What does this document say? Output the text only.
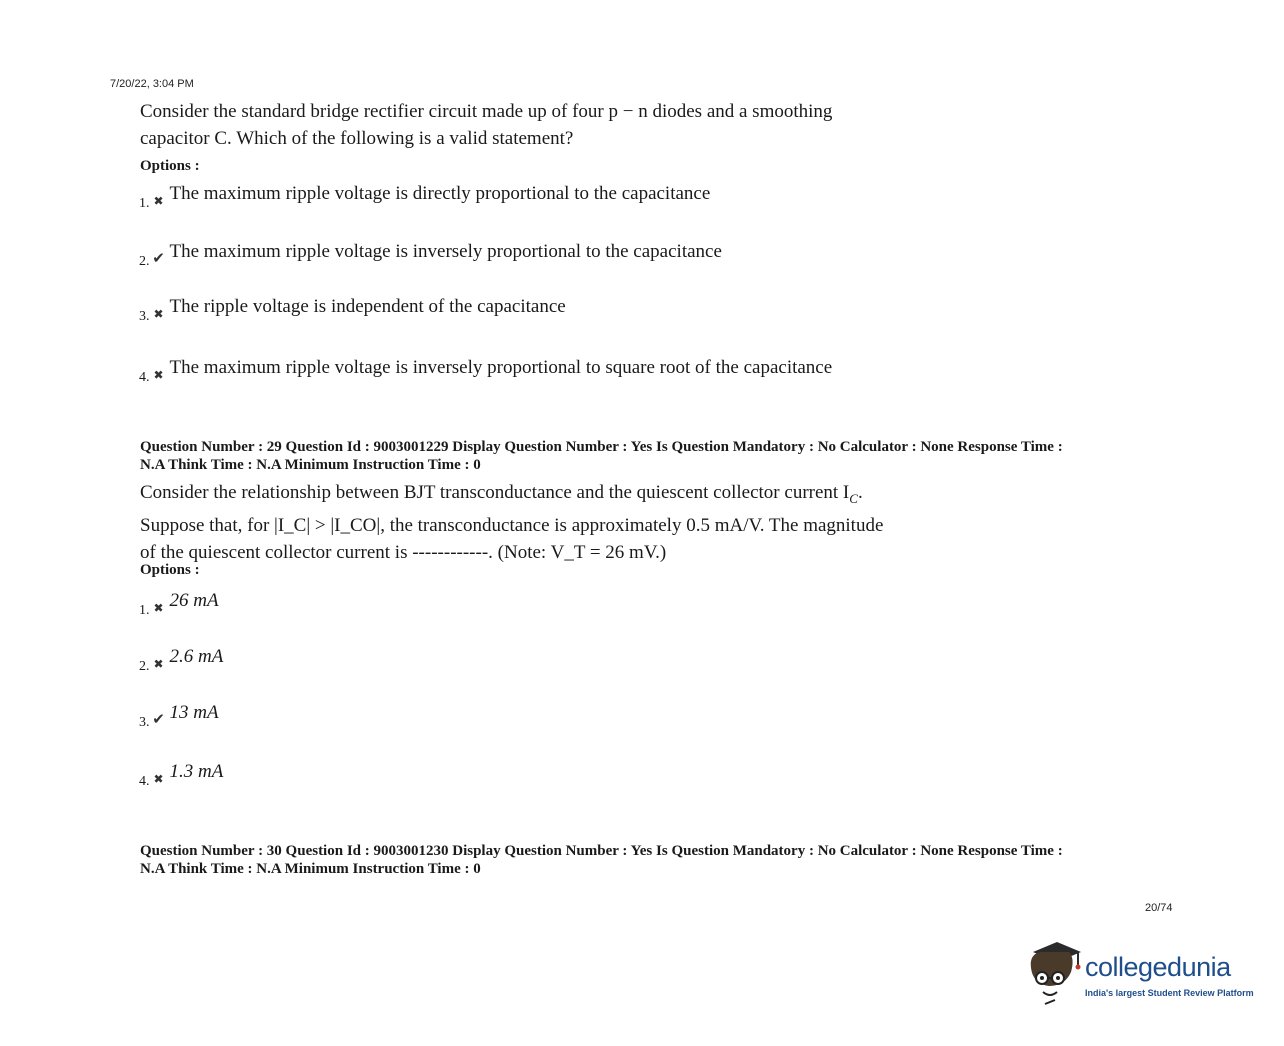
7/20/22, 3:04 PM
Consider the standard bridge rectifier circuit made up of four p − n diodes and a smoothing
capacitor C. Which of the following is a valid statement?
Options :
1. ✖ The maximum ripple voltage is directly proportional to the capacitance
2. ✔ The maximum ripple voltage is inversely proportional to the capacitance
3. ✖ The ripple voltage is independent of the capacitance
4. ✖ The maximum ripple voltage is inversely proportional to square root of the capacitance
Question Number : 29 Question Id : 9003001229 Display Question Number : Yes Is Question Mandatory : No Calculator : None Response Time :
N.A Think Time : N.A Minimum Instruction Time : 0
Consider the relationship between BJT transconductance and the quiescent collector current $I_C$.
Suppose that, for |I_C| > |I_CO|, the transconductance is approximately 0.5 mA/V. The magnitude
of the quiescent collector current is ------------. (Note: V_T = 26 mV.)
Options :
1. ✖ 26 mA
2. ✖ 2.6 mA
3. ✔ 13 mA
4. ✖ 1.3 mA
Question Number : 30 Question Id : 9003001230 Display Question Number : Yes Is Question Mandatory : No Calculator : None Response Time :
N.A Think Time : N.A Minimum Instruction Time : 0
20/74
collegedunia
India's largest Student Review Platform
